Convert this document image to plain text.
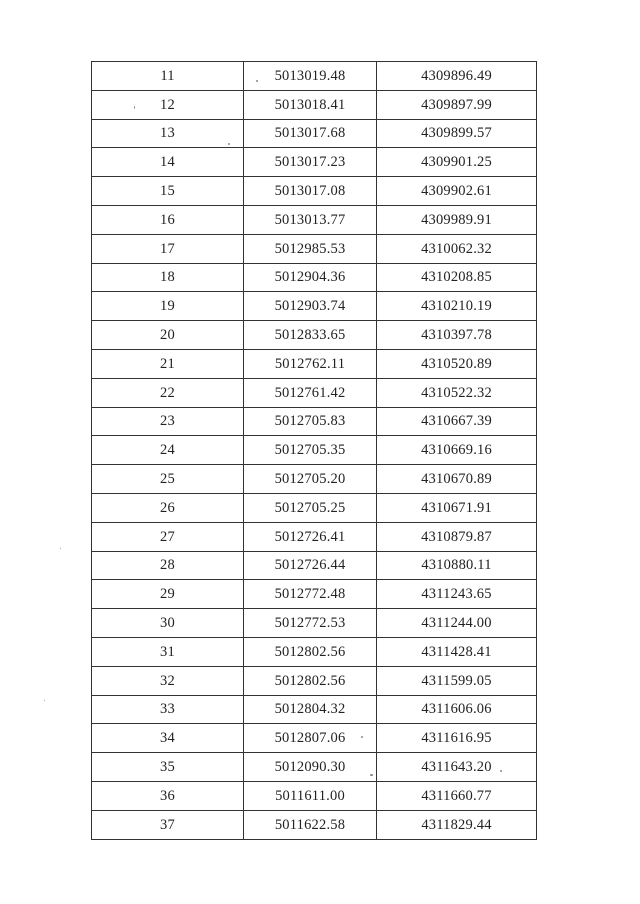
11	5013019.48	4309896.49
12	5013018.41	4309897.99
13	5013017.68	4309899.57
14	5013017.23	4309901.25
15	5013017.08	4309902.61
16	5013013.77	4309989.91
17	5012985.53	4310062.32
18	5012904.36	4310208.85
19	5012903.74	4310210.19
20	5012833.65	4310397.78
21	5012762.11	4310520.89
22	5012761.42	4310522.32
23	5012705.83	4310667.39
24	5012705.35	4310669.16
25	5012705.20	4310670.89
26	5012705.25	4310671.91
27	5012726.41	4310879.87
28	5012726.44	4310880.11
29	5012772.48	4311243.65
30	5012772.53	4311244.00
31	5012802.56	4311428.41
32	5012802.56	4311599.05
33	5012804.32	4311606.06
34	5012807.06	4311616.95
35	5012090.30	4311643.20
36	5011611.00	4311660.77
37	5011622.58	4311829.44
